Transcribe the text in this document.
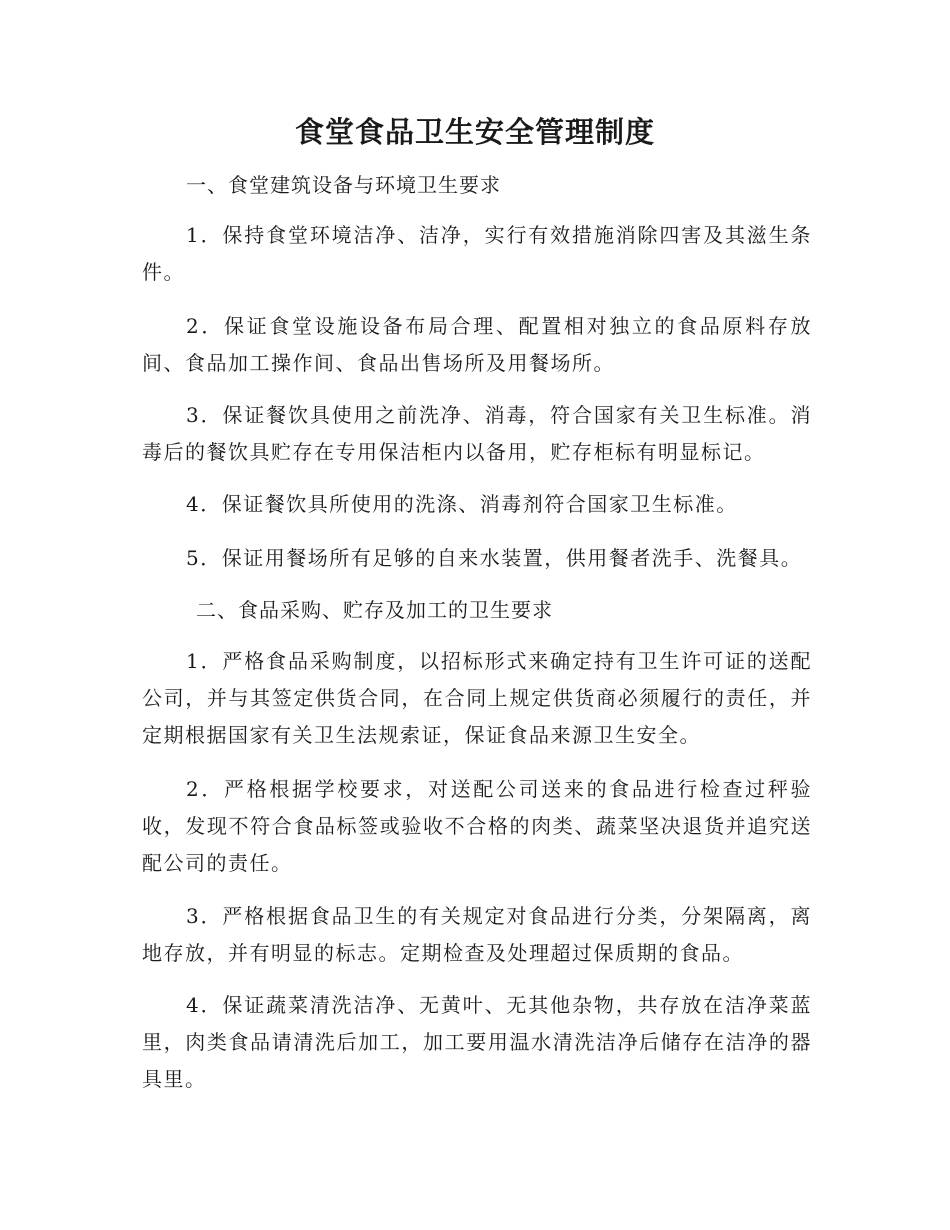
食堂食品卫生安全管理制度
一、食堂建筑设备与环境卫生要求

1．保持食堂环境洁净、洁净，实行有效措施消除四害及其滋生条件。

2．保证食堂设施设备布局合理、配置相对独立的食品原料存放间、食品加工操作间、食品出售场所及用餐场所。

3．保证餐饮具使用之前洗净、消毒，符合国家有关卫生标准。消毒后的餐饮具贮存在专用保洁柜内以备用，贮存柜标有明显标记。

4．保证餐饮具所使用的洗涤、消毒剂符合国家卫生标准。

5．保证用餐场所有足够的自来水装置，供用餐者洗手、洗餐具。

二、食品采购、贮存及加工的卫生要求

1．严格食品采购制度，以招标形式来确定持有卫生许可证的送配公司，并与其签定供货合同，在合同上规定供货商必须履行的责任，并定期根据国家有关卫生法规索证，保证食品来源卫生安全。

2．严格根据学校要求，对送配公司送来的食品进行检查过秤验收，发现不符合食品标签或验收不合格的肉类、蔬菜坚决退货并追究送配公司的责任。

3．严格根据食品卫生的有关规定对食品进行分类，分架隔离，离地存放，并有明显的标志。定期检查及处理超过保质期的食品。

4．保证蔬菜清洗洁净、无黄叶、无其他杂物，共存放在洁净菜蓝里，肉类食品请清洗后加工，加工要用温水清洗洁净后储存在洁净的器具里。
